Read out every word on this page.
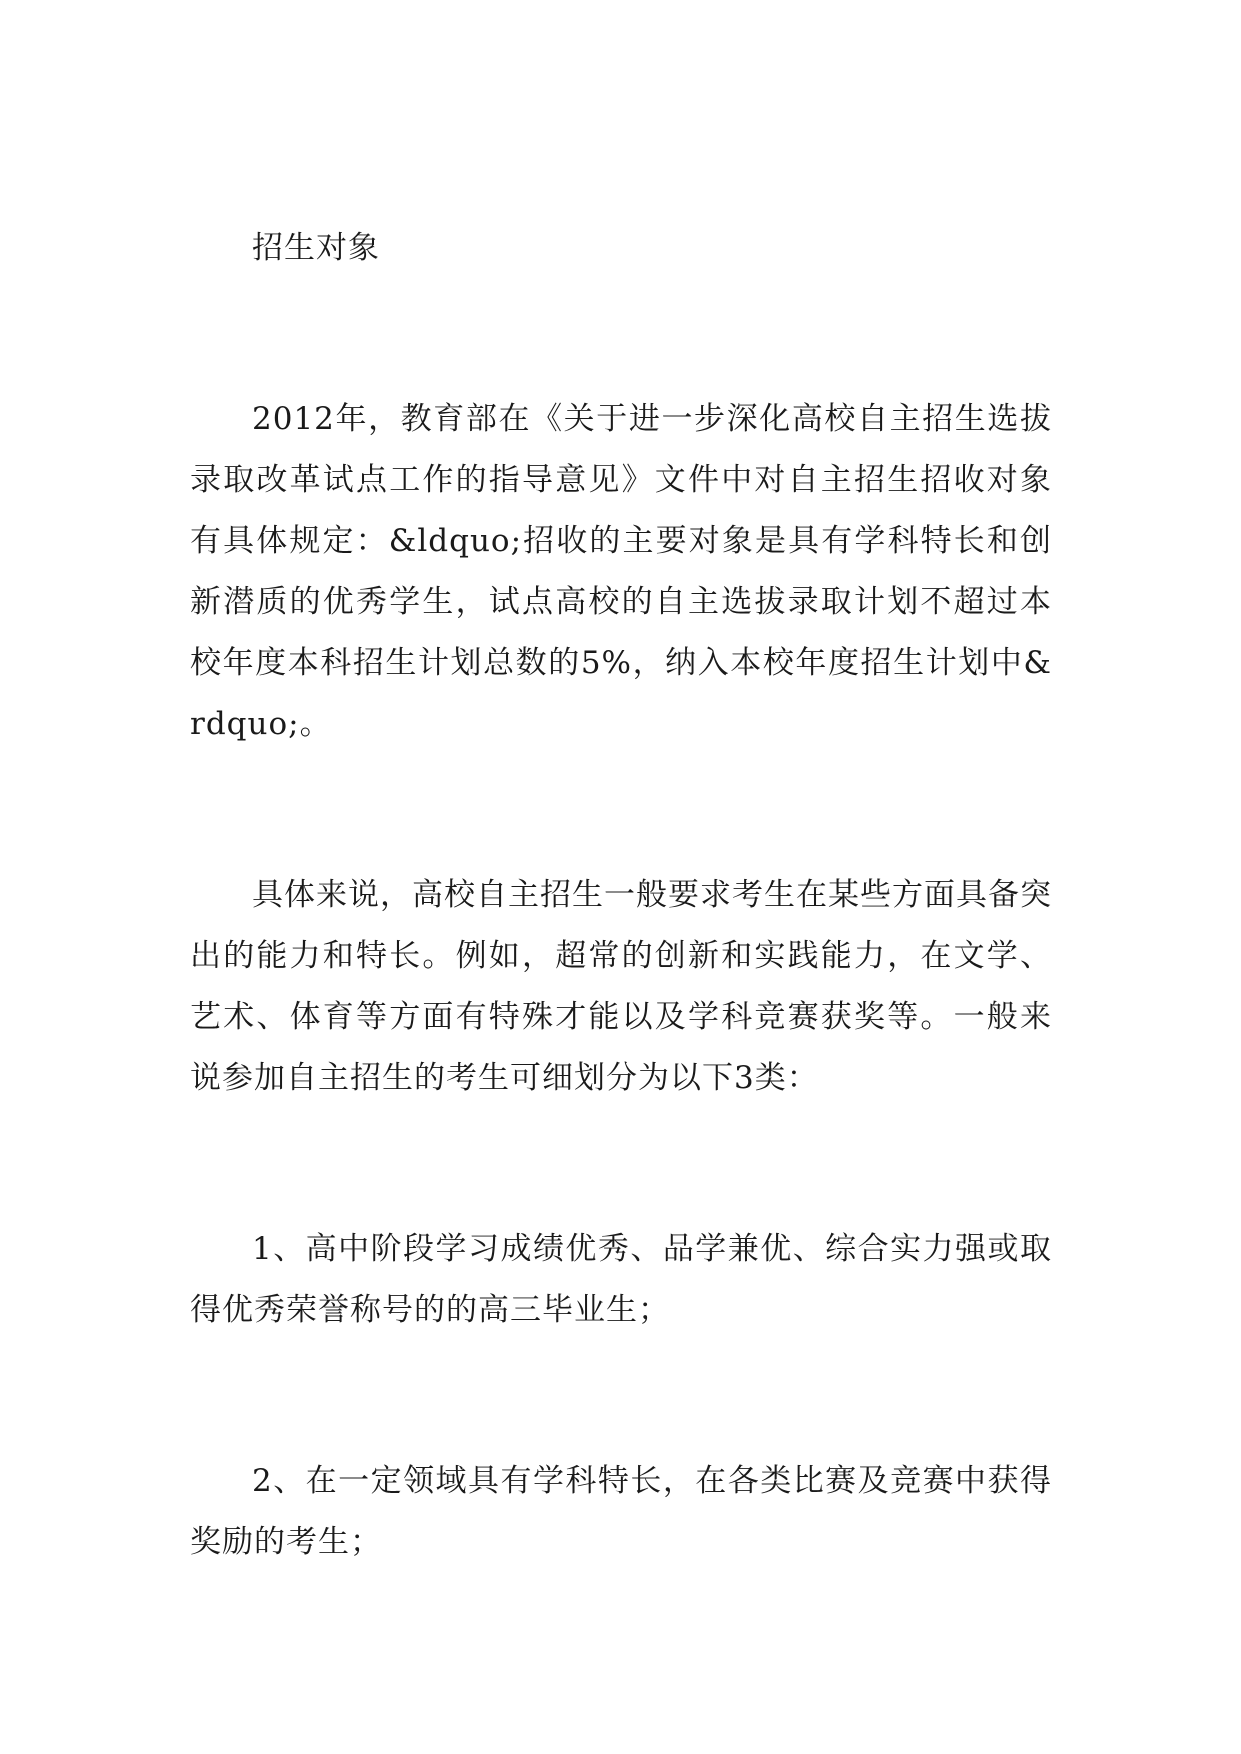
招生对象

2012年，教育部在《关于进一步深化高校自主招生选拔录取改革试点工作的指导意见》文件中对自主招生招收对象有具体规定：&ldquo;招收的主要对象是具有学科特长和创新潜质的优秀学生，试点高校的自主选拔录取计划不超过本校年度本科招生计划总数的5%，纳入本校年度招生计划中&rdquo;。

具体来说，高校自主招生一般要求考生在某些方面具备突出的能力和特长。例如，超常的创新和实践能力，在文学、艺术、体育等方面有特殊才能以及学科竞赛获奖等。一般来说参加自主招生的考生可细划分为以下3类：

1、高中阶段学习成绩优秀、品学兼优、综合实力强或取得优秀荣誉称号的的高三毕业生；

2、在一定领域具有学科特长，在各类比赛及竞赛中获得奖励的考生；
